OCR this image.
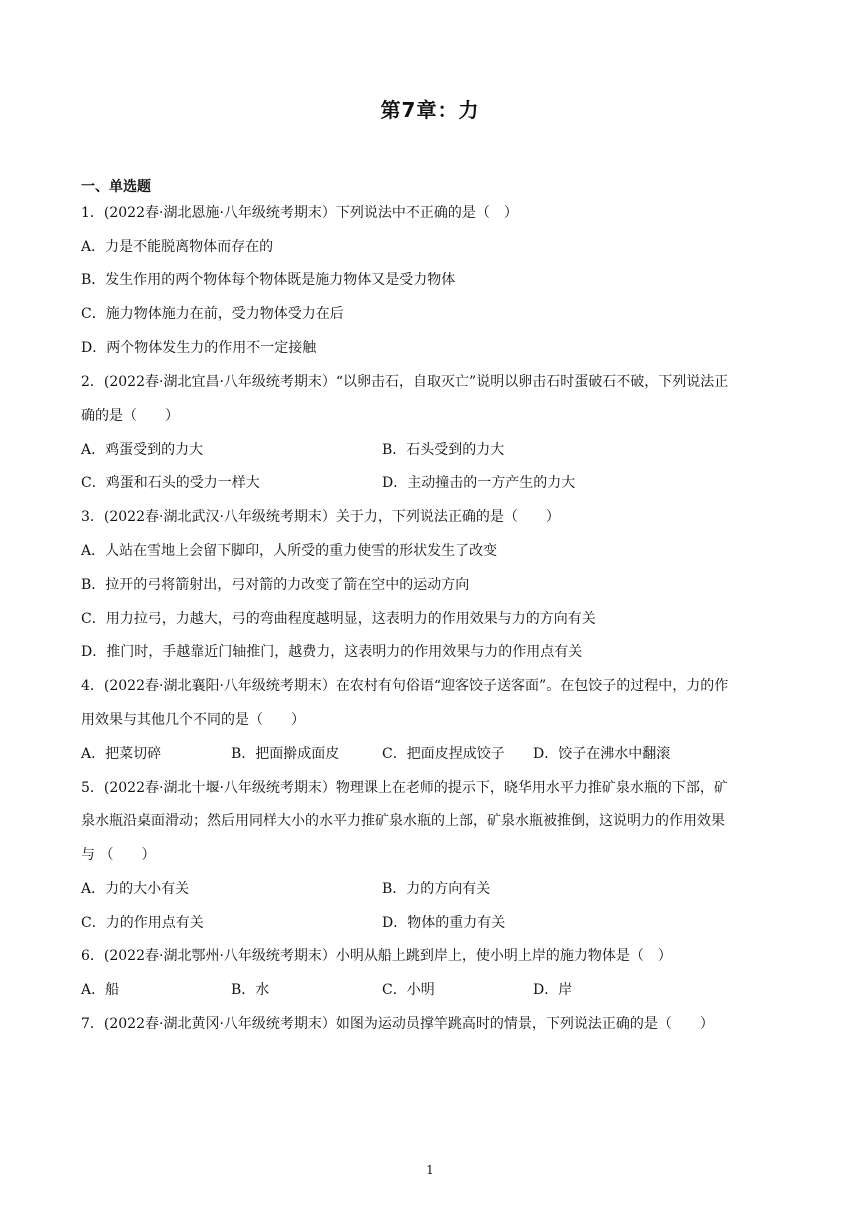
第7章：力
一、单选题
1．(2022春·湖北恩施·八年级统考期末）下列说法中不正确的是（　）
A．力是不能脱离物体而存在的
B．发生作用的两个物体每个物体既是施力物体又是受力物体
C．施力物体施力在前，受力物体受力在后
D．两个物体发生力的作用不一定接触
2．(2022春·湖北宜昌·八年级统考期末）“以卵击石，自取灭亡”说明以卵击石时蛋破石不破，下列说法正
确的是（　　）
A．鸡蛋受到的力大	B．石头受到的力大
C．鸡蛋和石头的受力一样大	D．主动撞击的一方产生的力大
3．(2022春·湖北武汉·八年级统考期末）关于力，下列说法正确的是（　　）
A．人站在雪地上会留下脚印，人所受的重力使雪的形状发生了改变
B．拉开的弓将箭射出，弓对箭的力改变了箭在空中的运动方向
C．用力拉弓，力越大，弓的弯曲程度越明显，这表明力的作用效果与力的方向有关
D．推门时，手越靠近门轴推门，越费力，这表明力的作用效果与力的作用点有关
4．(2022春·湖北襄阳·八年级统考期末）在农村有句俗语“迎客饺子送客面”。在包饺子的过程中，力的作
用效果与其他几个不同的是（　　）
A．把菜切碎	B．把面擀成面皮	C．把面皮捏成饺子 D．饺子在沸水中翻滚
5．(2022春·湖北十堰·八年级统考期末）物理课上在老师的提示下，晓华用水平力推矿泉水瓶的下部，矿
泉水瓶沿桌面滑动；然后用同样大小的水平力推矿泉水瓶的上部，矿泉水瓶被推倒，这说明力的作用效果
与 （　　）
A．力的大小有关	B．力的方向有关
C．力的作用点有关	D．物体的重力有关
6．(2022春·湖北鄂州·八年级统考期末）小明从船上跳到岸上，使小明上岸的施力物体是（　）
A．船	B．水	C．小明	D．岸
7．(2022春·湖北黄冈·八年级统考期末）如图为运动员撑竿跳高时的情景，下列说法正确的是（　　）
1
